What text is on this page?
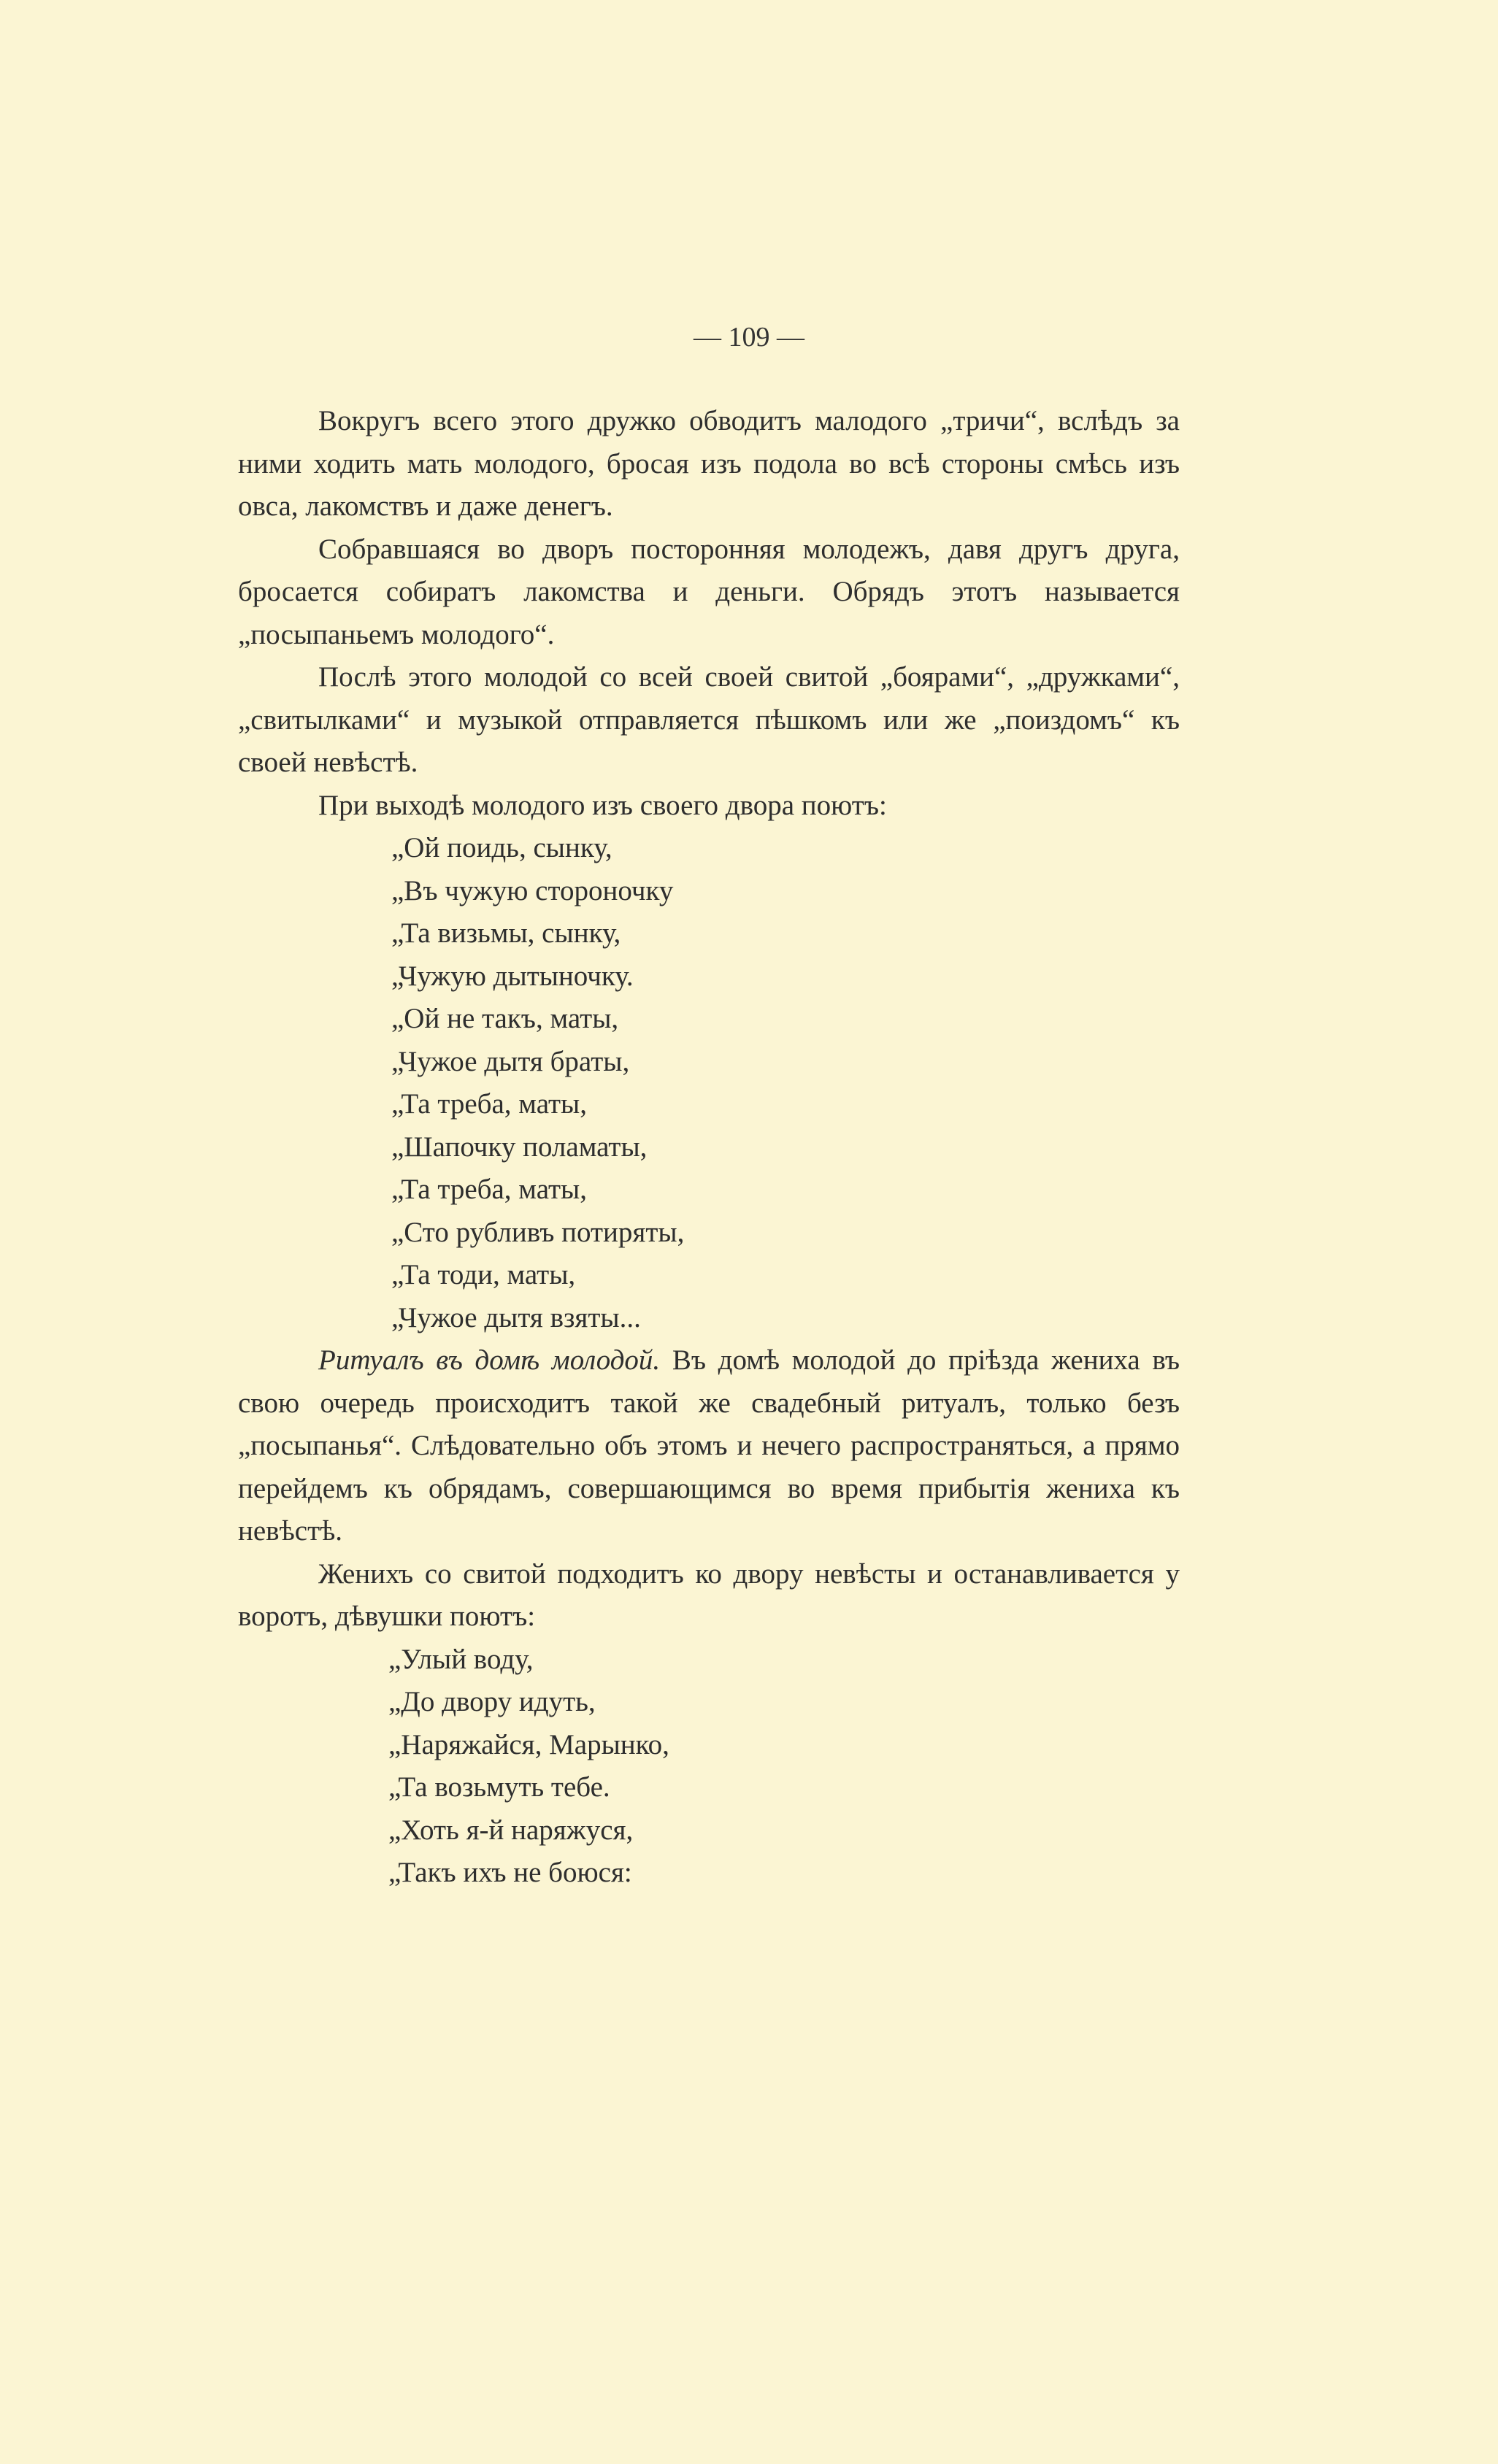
— 109 —

Вокругъ всего этого дружко обводитъ малодого „тричи“, вслѣдъ за ними ходить мать молодого, бросая изъ подола во всѣ стороны смѣсь изъ овса, лакомствъ и даже денегъ.

Собравшаяся во дворъ посторонняя молодежъ, давя другъ друга, бросается собиратъ лакомства и деньги. Обрядъ этотъ называется „посыпаньемъ молодого“.

Послѣ этого молодой со всей своей свитой „боярами“, „дружками“, „свитылками“ и музыкой отправляется пѣшкомъ или же „поиздомъ“ къ своей невѣстѣ.

При выходѣ молодого изъ своего двора поютъ:

„Ой поидь, сынку,
„Въ чужую стороночку
„Та визьмы, сынку,
„Чужую дытыночку.
„Ой не такъ, маты,
„Чужое дытя браты,
„Та треба, маты,
„Шапочку поламаты,
„Та треба, маты,
„Сто рубливъ потиряты,
„Та тоди, маты,
„Чужое дытя взяты...

Ритуалъ въ домѣ молодой. Въ домѣ молодой до пріѣзда жениха въ свою очередь происходитъ такой же свадебный ритуалъ, только безъ „посыпанья“. Слѣдовательно объ этомъ и нечего распространяться, а прямо перейдемъ къ обрядамъ, совершающимся во время прибытія жениха къ невѣстѣ.

Женихъ со свитой подходитъ ко двору невѣсты и останавливается у воротъ, дѣвушки поютъ:

„Улый воду,
„До двору идуть,
„Наряжайся, Марынко,
„Та возьмуть тебе.
„Хоть я-й наряжуся,
„Такъ ихъ не боюся:
